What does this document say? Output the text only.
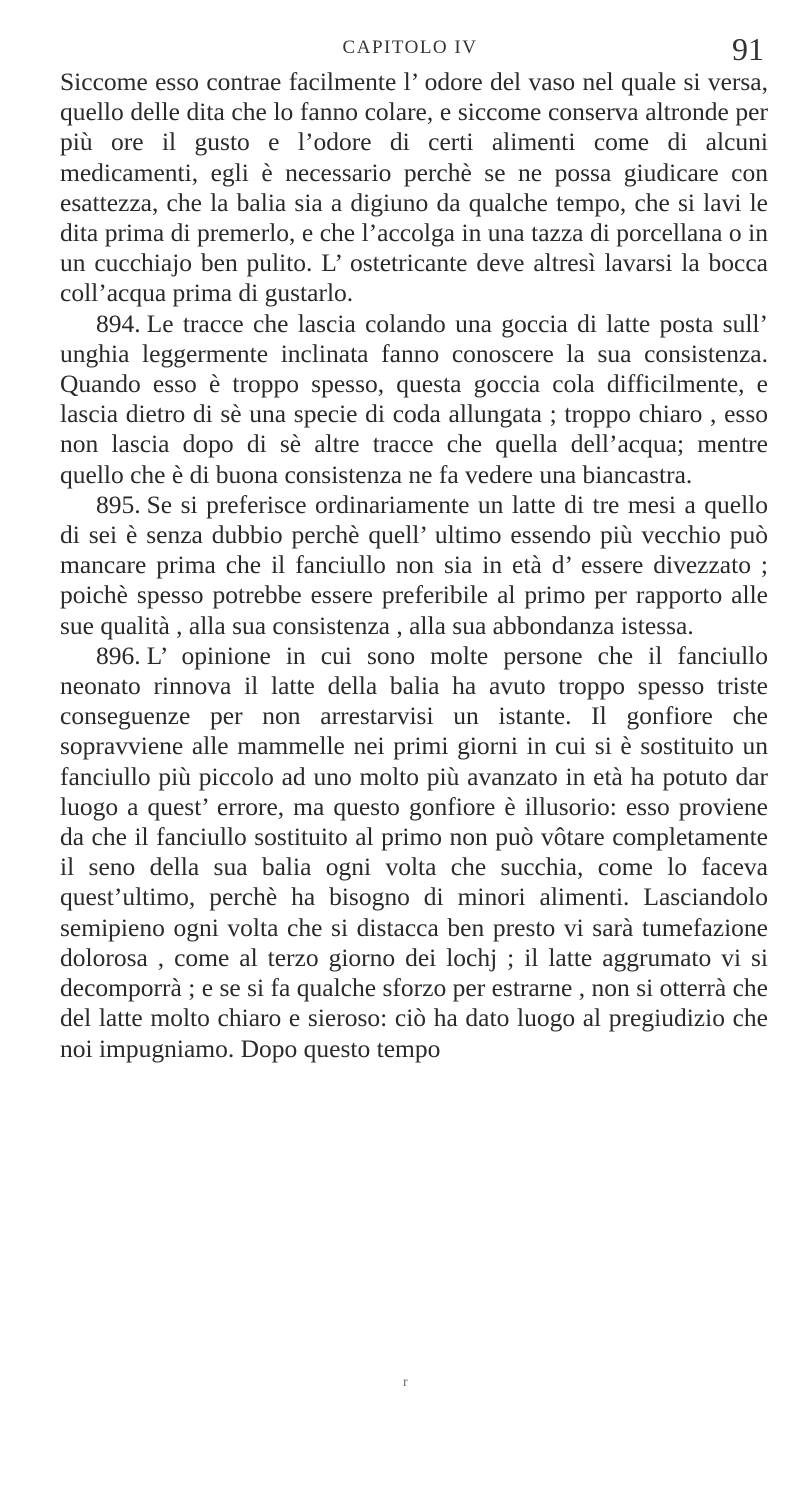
CAPITOLO IV	91

Siccome esso contrae facilmente l’ odore del vaso nel quale si versa, quello delle dita che lo fanno colare, e siccome conserva altronde per più ore il gusto e l’odore di certi alimenti come di alcuni medicamenti, egli è necessario perchè se ne possa giudicare con esattezza, che la balia sia a digiuno da qualche tempo, che si lavi le dita prima di premerlo, e che l’accolga in una tazza di porcellana o in un cucchiajo ben pulito. L’ ostetricante deve altresì lavarsi la bocca coll’acqua prima di gustarlo.

894. Le tracce che lascia colando una goccia di latte posta sull’ unghia leggermente inclinata fanno conoscere la sua consistenza. Quando esso è troppo spesso, questa goccia cola difficilmente, e lascia dietro di sè una specie di coda allungata ; troppo chiaro , esso non lascia dopo di sè altre tracce che quella dell’acqua; mentre quello che è di buona consistenza ne fa vedere una biancastra.

895. Se si preferisce ordinariamente un latte di tre mesi a quello di sei è senza dubbio perchè quell’ ultimo essendo più vecchio può mancare prima che il fanciullo non sia in età d’ essere divezzato ; poichè spesso potrebbe essere preferibile al primo per rapporto alle sue qualità , alla sua consistenza , alla sua abbondanza istessa.

896. L’ opinione in cui sono molte persone che il fanciullo neonato rinnova il latte della balia ha avuto troppo spesso triste conseguenze per non arrestarvisi un istante. Il gonfiore che sopravviene alle mammelle nei primi giorni in cui si è sostituito un fanciullo più piccolo ad uno molto più avanzato in età ha potuto dar luogo a quest’ errore, ma questo gonfiore è illusorio: esso proviene da che il fanciullo sostituito al primo non può vôtare completamente il seno della sua balia ogni volta che succhia, come lo faceva quest’ultimo, perchè ha bisogno di minori alimenti. Lasciandolo semipieno ogni volta che si distacca ben presto vi sarà tumefazione dolorosa , come al terzo giorno dei lochj ; il latte aggrumato vi si decomporrà ; e se si fa qualche sforzo per estrarne , non si otterrà che del latte molto chiaro e sieroso: ciò ha dato luogo al pregiudizio che noi impugniamo. Dopo questo tempo

r
